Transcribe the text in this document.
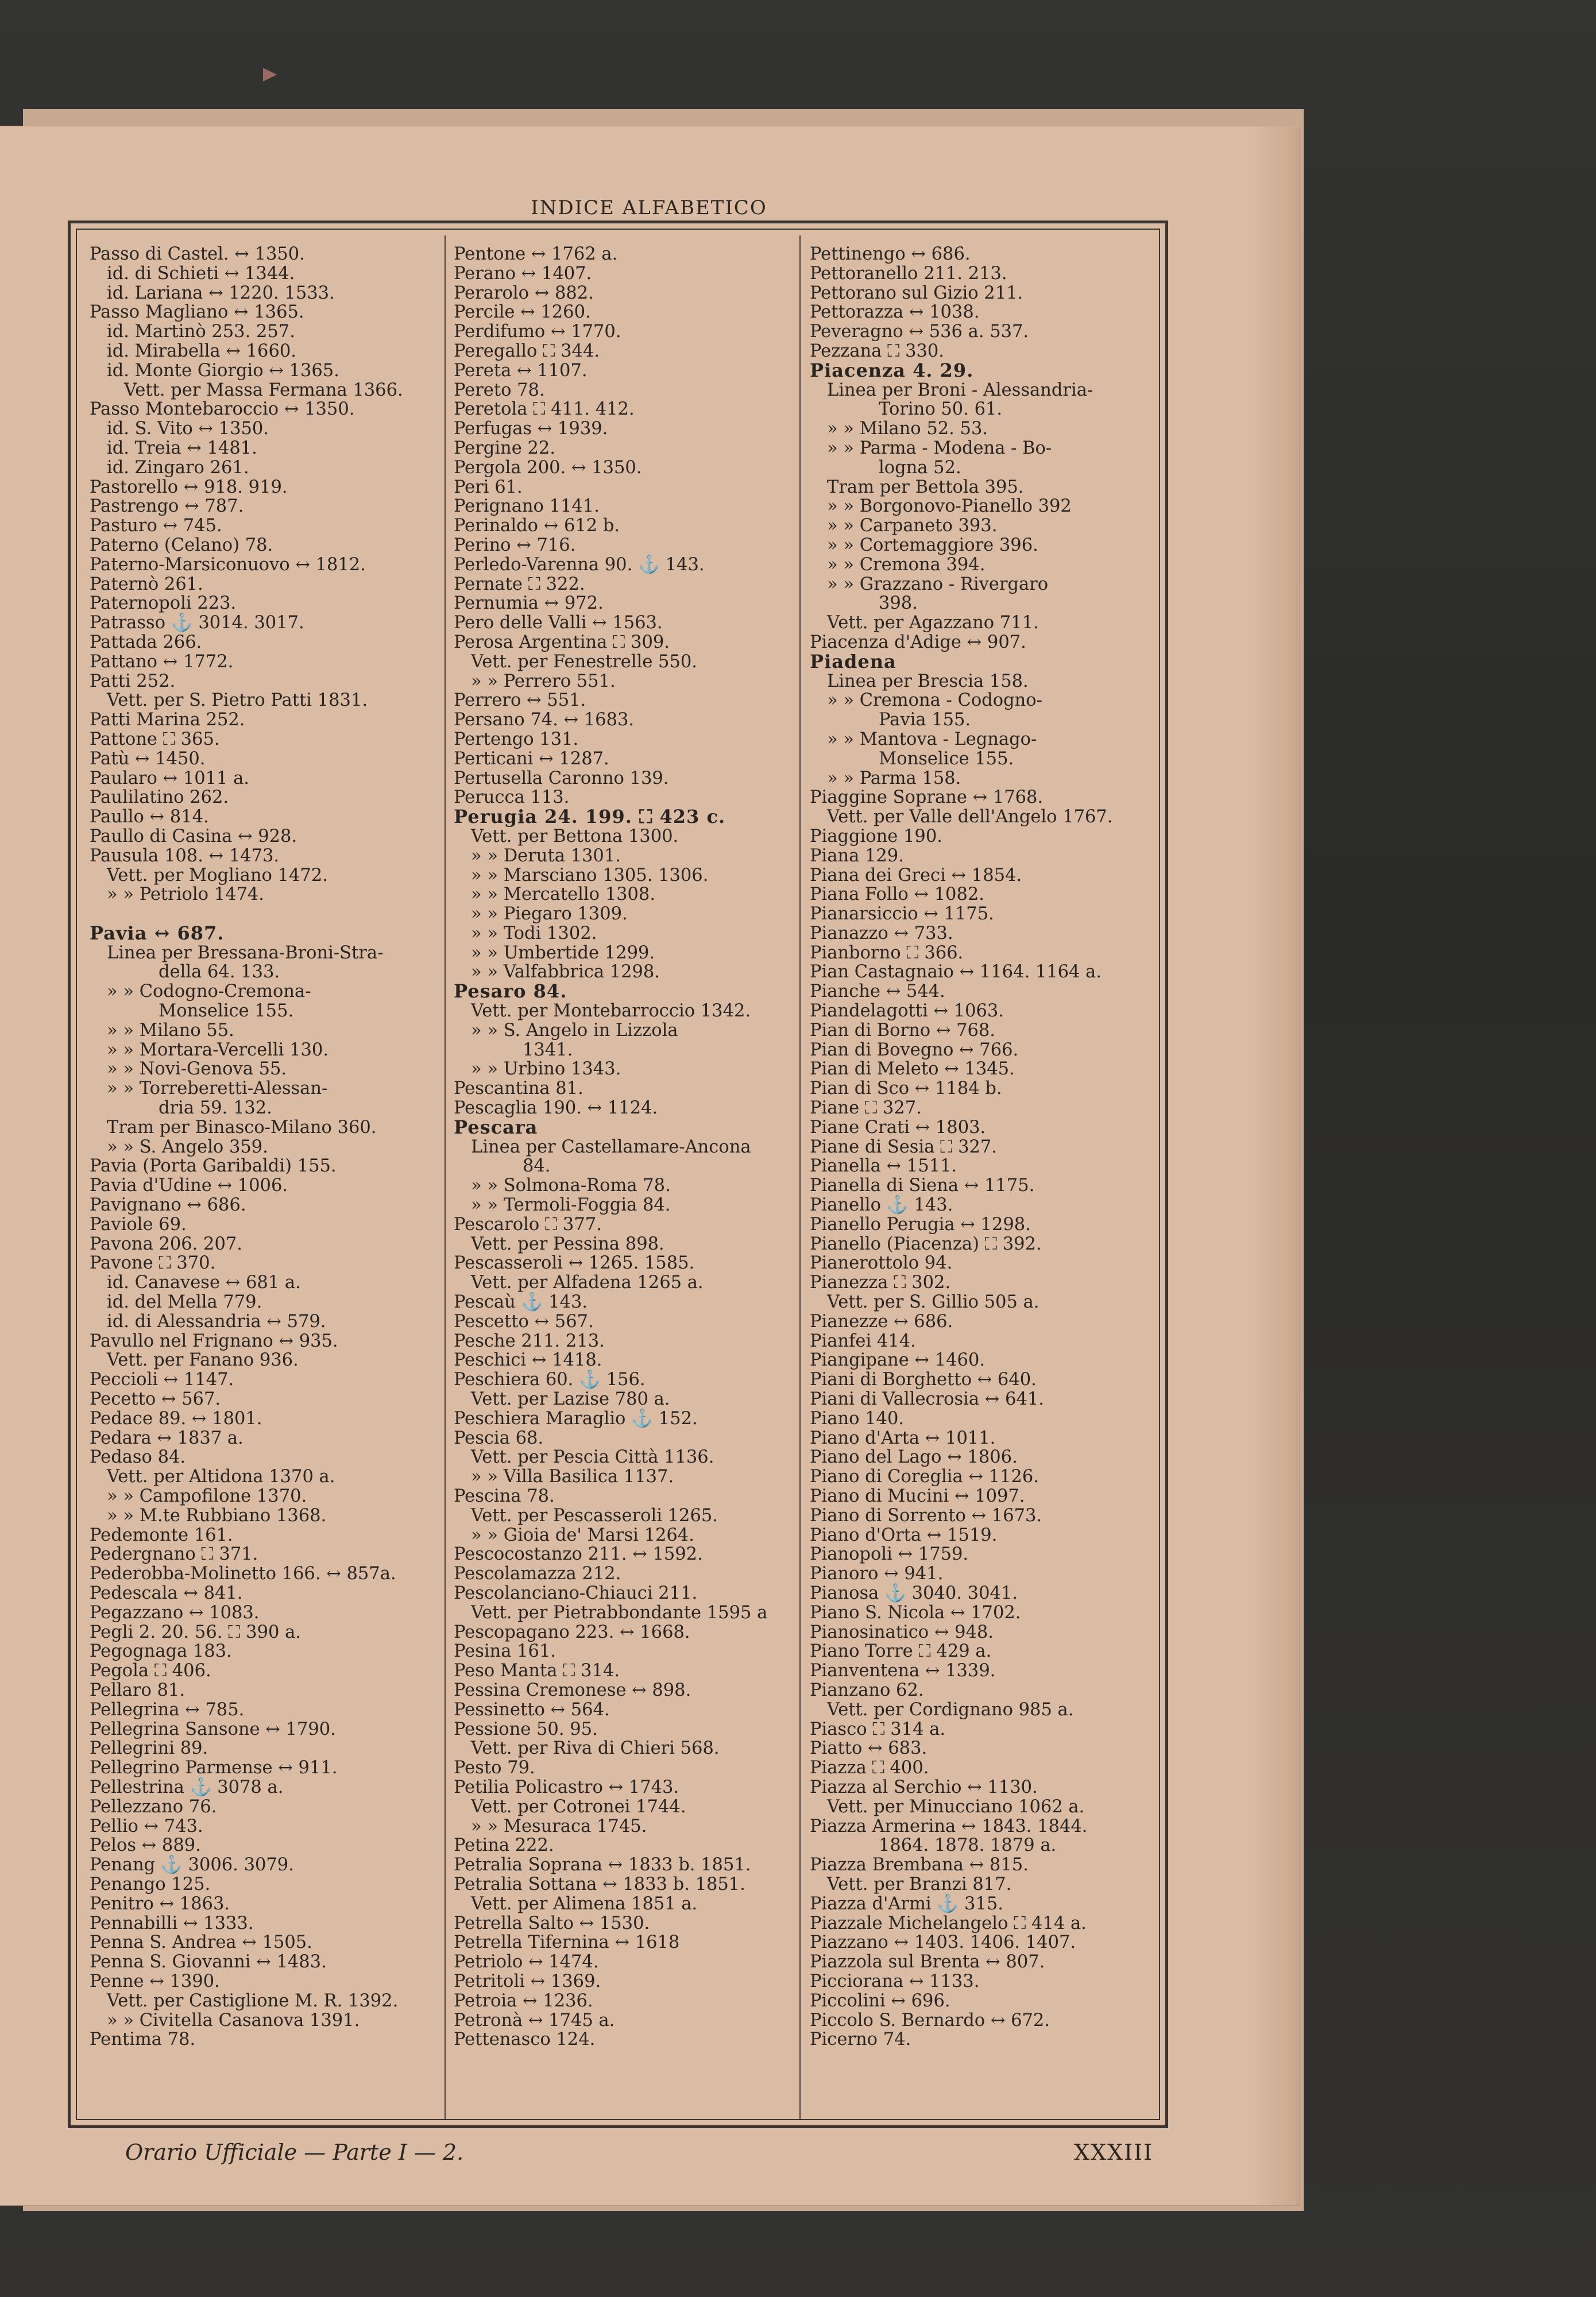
INDICE ALFABETICO
Passo di Castel. ↔ 1350.
id. di Schieti ↔ 1344.
id. Lariana ↔ 1220. 1533.
Passo Magliano ↔ 1365.
id. Martinò 253. 257.
id. Mirabella ↔ 1660.
id. Monte Giorgio ↔ 1365.
Vett. per Massa Fermana 1366.
Passo Montebaroccio ↔ 1350.
id. S. Vito ↔ 1350.
id. Treia ↔ 1481.
id. Zingaro 261.
Pastorello ↔ 918. 919.
Pastrengo ↔ 787.
Pasturo ↔ 745.
Paterno (Celano) 78.
Paterno-Marsiconuovo ↔ 1812.
Paternò 261.
Paternopoli 223.
Patrasso ⚓ 3014. 3017.
Pattada 266.
Pattano ↔ 1772.
Patti 252.
Vett. per S. Pietro Patti 1831.
Patti Marina 252.
Pattone ⛶ 365.
Patù ↔ 1450.
Paularo ↔ 1011 a.
Paulilatino 262.
Paullo ↔ 814.
Paullo di Casina ↔ 928.
Pausula 108. ↔ 1473.
Vett. per Mogliano 1472.
» » Petriolo 1474.
Pavia ↔ 687.
Linea per Bressana-Broni-Stra-
della 64. 133.
» » Codogno-Cremona-
Monselice 155.
» » Milano 55.
» » Mortara-Vercelli 130.
» » Novi-Genova 55.
» » Torreberetti-Alessan-
dria 59. 132.
Tram per Binasco-Milano 360.
» » S. Angelo 359.
Pavia (Porta Garibaldi) 155.
Pavia d'Udine ↔ 1006.
Pavignano ↔ 686.
Paviole 69.
Pavona 206. 207.
Pavone ⛶ 370.
id. Canavese ↔ 681 a.
id. del Mella 779.
id. di Alessandria ↔ 579.
Pavullo nel Frignano ↔ 935.
Vett. per Fanano 936.
Peccioli ↔ 1147.
Pecetto ↔ 567.
Pedace 89. ↔ 1801.
Pedara ↔ 1837 a.
Pedaso 84.
Vett. per Altidona 1370 a.
» » Campofilone 1370.
» » M.te Rubbiano 1368.
Pedemonte 161.
Pedergnano ⛶ 371.
Pederobba-Molinetto 166. ↔ 857a.
Pedescala ↔ 841.
Pegazzano ↔ 1083.
Pegli 2. 20. 56. ⛶ 390 a.
Pegognaga 183.
Pegola ⛶ 406.
Pellaro 81.
Pellegrina ↔ 785.
Pellegrina Sansone ↔ 1790.
Pellegrini 89.
Pellegrino Parmense ↔ 911.
Pellestrina ⚓ 3078 a.
Pellezzano 76.
Pellio ↔ 743.
Pelos ↔ 889.
Penang ⚓ 3006. 3079.
Penango 125.
Penitro ↔ 1863.
Pennabilli ↔ 1333.
Penna S. Andrea ↔ 1505.
Penna S. Giovanni ↔ 1483.
Penne ↔ 1390.
Vett. per Castiglione M. R. 1392.
» » Civitella Casanova 1391.
Pentima 78.
Pentone ↔ 1762 a.
Perano ↔ 1407.
Perarolo ↔ 882.
Percile ↔ 1260.
Perdifumo ↔ 1770.
Peregallo ⛶ 344.
Pereta ↔ 1107.
Pereto 78.
Peretola ⛶ 411. 412.
Perfugas ↔ 1939.
Pergine 22.
Pergola 200. ↔ 1350.
Peri 61.
Perignano 1141.
Perinaldo ↔ 612 b.
Perino ↔ 716.
Perledo-Varenna 90. ⚓ 143.
Pernate ⛶ 322.
Pernumia ↔ 972.
Pero delle Valli ↔ 1563.
Perosa Argentina ⛶ 309.
Vett. per Fenestrelle 550.
» » Perrero 551.
Perrero ↔ 551.
Persano 74. ↔ 1683.
Pertengo 131.
Perticani ↔ 1287.
Pertusella Caronno 139.
Perucca 113.
Perugia 24. 199. ⛶ 423 c.
Vett. per Bettona 1300.
» » Deruta 1301.
» » Marsciano 1305. 1306.
» » Mercatello 1308.
» » Piegaro 1309.
» » Todi 1302.
» » Umbertide 1299.
» » Valfabbrica 1298.
Pesaro 84.
Vett. per Montebarroccio 1342.
» » S. Angelo in Lizzola
1341.
» » Urbino 1343.
Pescantina 81.
Pescaglia 190. ↔ 1124.
Pescara
Linea per Castellamare-Ancona
84.
» » Solmona-Roma 78.
» » Termoli-Foggia 84.
Pescarolo ⛶ 377.
Vett. per Pessina 898.
Pescasseroli ↔ 1265. 1585.
Vett. per Alfadena 1265 a.
Pescaù ⚓ 143.
Pescetto ↔ 567.
Pesche 211. 213.
Peschici ↔ 1418.
Peschiera 60. ⚓ 156.
Vett. per Lazise 780 a.
Peschiera Maraglio ⚓ 152.
Pescia 68.
Vett. per Pescia Città 1136.
» » Villa Basilica 1137.
Pescina 78.
Vett. per Pescasseroli 1265.
» » Gioia de' Marsi 1264.
Pescocostanzo 211. ↔ 1592.
Pescolamazza 212.
Pescolanciano-Chiauci 211.
Vett. per Pietrabbondante 1595 a
Pescopagano 223. ↔ 1668.
Pesina 161.
Peso Manta ⛶ 314.
Pessina Cremonese ↔ 898.
Pessinetto ↔ 564.
Pessione 50. 95.
Vett. per Riva di Chieri 568.
Pesto 79.
Petilia Policastro ↔ 1743.
Vett. per Cotronei 1744.
» » Mesuraca 1745.
Petina 222.
Petralia Soprana ↔ 1833 b. 1851.
Petralia Sottana ↔ 1833 b. 1851.
Vett. per Alimena 1851 a.
Petrella Salto ↔ 1530.
Petrella Tifernina ↔ 1618
Petriolo ↔ 1474.
Petritoli ↔ 1369.
Petroia ↔ 1236.
Petronà ↔ 1745 a.
Pettenasco 124.
Pettinengo ↔ 686.
Pettoranello 211. 213.
Pettorano sul Gizio 211.
Pettorazza ↔ 1038.
Peveragno ↔ 536 a. 537.
Pezzana ⛶ 330.
Piacenza 4. 29.
Linea per Broni - Alessandria-
Torino 50. 61.
» » Milano 52. 53.
» » Parma - Modena - Bo-
logna 52.
Tram per Bettola 395.
» » Borgonovo-Pianello 392
» » Carpaneto 393.
» » Cortemaggiore 396.
» » Cremona 394.
» » Grazzano - Rivergaro
398.
Vett. per Agazzano 711.
Piacenza d'Adige ↔ 907.
Piadena
Linea per Brescia 158.
» » Cremona - Codogno-
Pavia 155.
» » Mantova - Legnago-
Monselice 155.
» » Parma 158.
Piaggine Soprane ↔ 1768.
Vett. per Valle dell'Angelo 1767.
Piaggione 190.
Piana 129.
Piana dei Greci ↔ 1854.
Piana Follo ↔ 1082.
Pianarsiccio ↔ 1175.
Pianazzo ↔ 733.
Pianborno ⛶ 366.
Pian Castagnaio ↔ 1164. 1164 a.
Pianche ↔ 544.
Piandelagotti ↔ 1063.
Pian di Borno ↔ 768.
Pian di Bovegno ↔ 766.
Pian di Meleto ↔ 1345.
Pian di Sco ↔ 1184 b.
Piane ⛶ 327.
Piane Crati ↔ 1803.
Piane di Sesia ⛶ 327.
Pianella ↔ 1511.
Pianella di Siena ↔ 1175.
Pianello ⚓ 143.
Pianello Perugia ↔ 1298.
Pianello (Piacenza) ⛶ 392.
Pianerottolo 94.
Pianezza ⛶ 302.
Vett. per S. Gillio 505 a.
Pianezze ↔ 686.
Pianfei 414.
Piangipane ↔ 1460.
Piani di Borghetto ↔ 640.
Piani di Vallecrosia ↔ 641.
Piano 140.
Piano d'Arta ↔ 1011.
Piano del Lago ↔ 1806.
Piano di Coreglia ↔ 1126.
Piano di Mucini ↔ 1097.
Piano di Sorrento ↔ 1673.
Piano d'Orta ↔ 1519.
Pianopoli ↔ 1759.
Pianoro ↔ 941.
Pianosa ⚓ 3040. 3041.
Piano S. Nicola ↔ 1702.
Pianosinatico ↔ 948.
Piano Torre ⛶ 429 a.
Pianventena ↔ 1339.
Pianzano 62.
Vett. per Cordignano 985 a.
Piasco ⛶ 314 a.
Piatto ↔ 683.
Piazza ⛶ 400.
Piazza al Serchio ↔ 1130.
Vett. per Minucciano 1062 a.
Piazza Armerina ↔ 1843. 1844.
1864. 1878. 1879 a.
Piazza Brembana ↔ 815.
Vett. per Branzi 817.
Piazza d'Armi ⚓ 315.
Piazzale Michelangelo ⛶ 414 a.
Piazzano ↔ 1403. 1406. 1407.
Piazzola sul Brenta ↔ 807.
Picciorana ↔ 1133.
Piccolini ↔ 696.
Piccolo S. Bernardo ↔ 672.
Picerno 74.
Orario Ufficiale — Parte I — 2.	XXXIII
